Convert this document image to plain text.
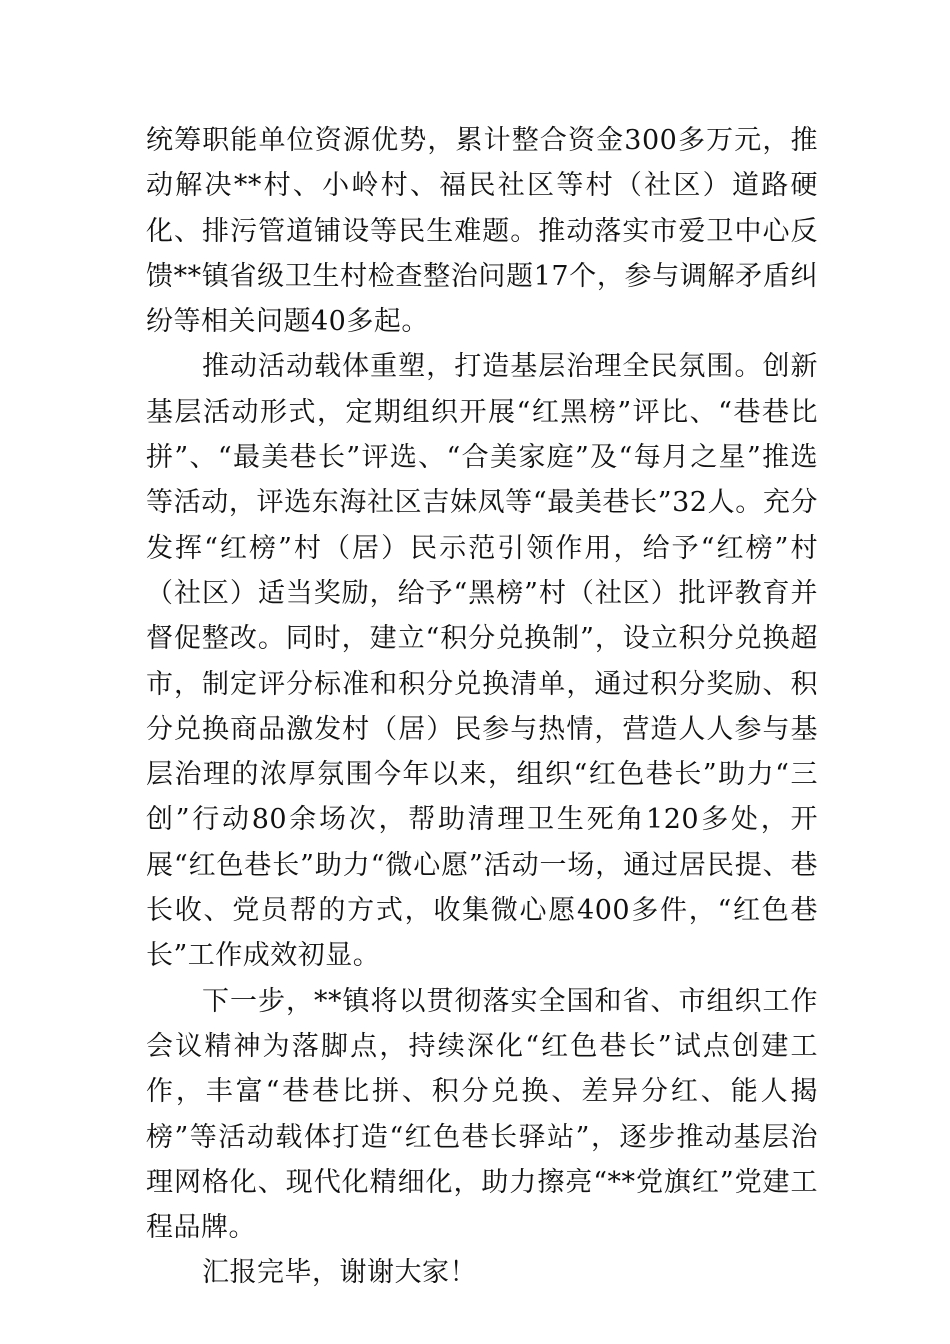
统筹职能单位资源优势，累计整合资金300多万元，推动解决**村、小岭村、福民社区等村（社区）道路硬化、排污管道铺设等民生难题。推动落实市爱卫中心反馈**镇省级卫生村检查整治问题17个，参与调解矛盾纠纷等相关问题40多起。

推动活动载体重塑，打造基层治理全民氛围。创新基层活动形式，定期组织开展“红黑榜”评比、“巷巷比拼”、“最美巷长”评选、“合美家庭”及“每月之星”推选等活动，评选东海社区吉妹凤等“最美巷长”32人。充分发挥“红榜”村（居）民示范引领作用，给予“红榜”村（社区）适当奖励，给予“黑榜”村（社区）批评教育并督促整改。同时，建立“积分兑换制”，设立积分兑换超市，制定评分标准和积分兑换清单，通过积分奖励、积分兑换商品激发村（居）民参与热情，营造人人参与基层治理的浓厚氛围今年以来，组织“红色巷长”助力“三创”行动80余场次，帮助清理卫生死角120多处，开展“红色巷长”助力“微心愿”活动一场，通过居民提、巷长收、党员帮的方式，收集微心愿400多件，“红色巷长”工作成效初显。

下一步，**镇将以贯彻落实全国和省、市组织工作会议精神为落脚点，持续深化“红色巷长”试点创建工作，丰富“巷巷比拼、积分兑换、差异分红、能人揭榜”等活动载体打造“红色巷长驿站”，逐步推动基层治理网格化、现代化精细化，助力擦亮“**党旗红”党建工程品牌。

汇报完毕，谢谢大家！
